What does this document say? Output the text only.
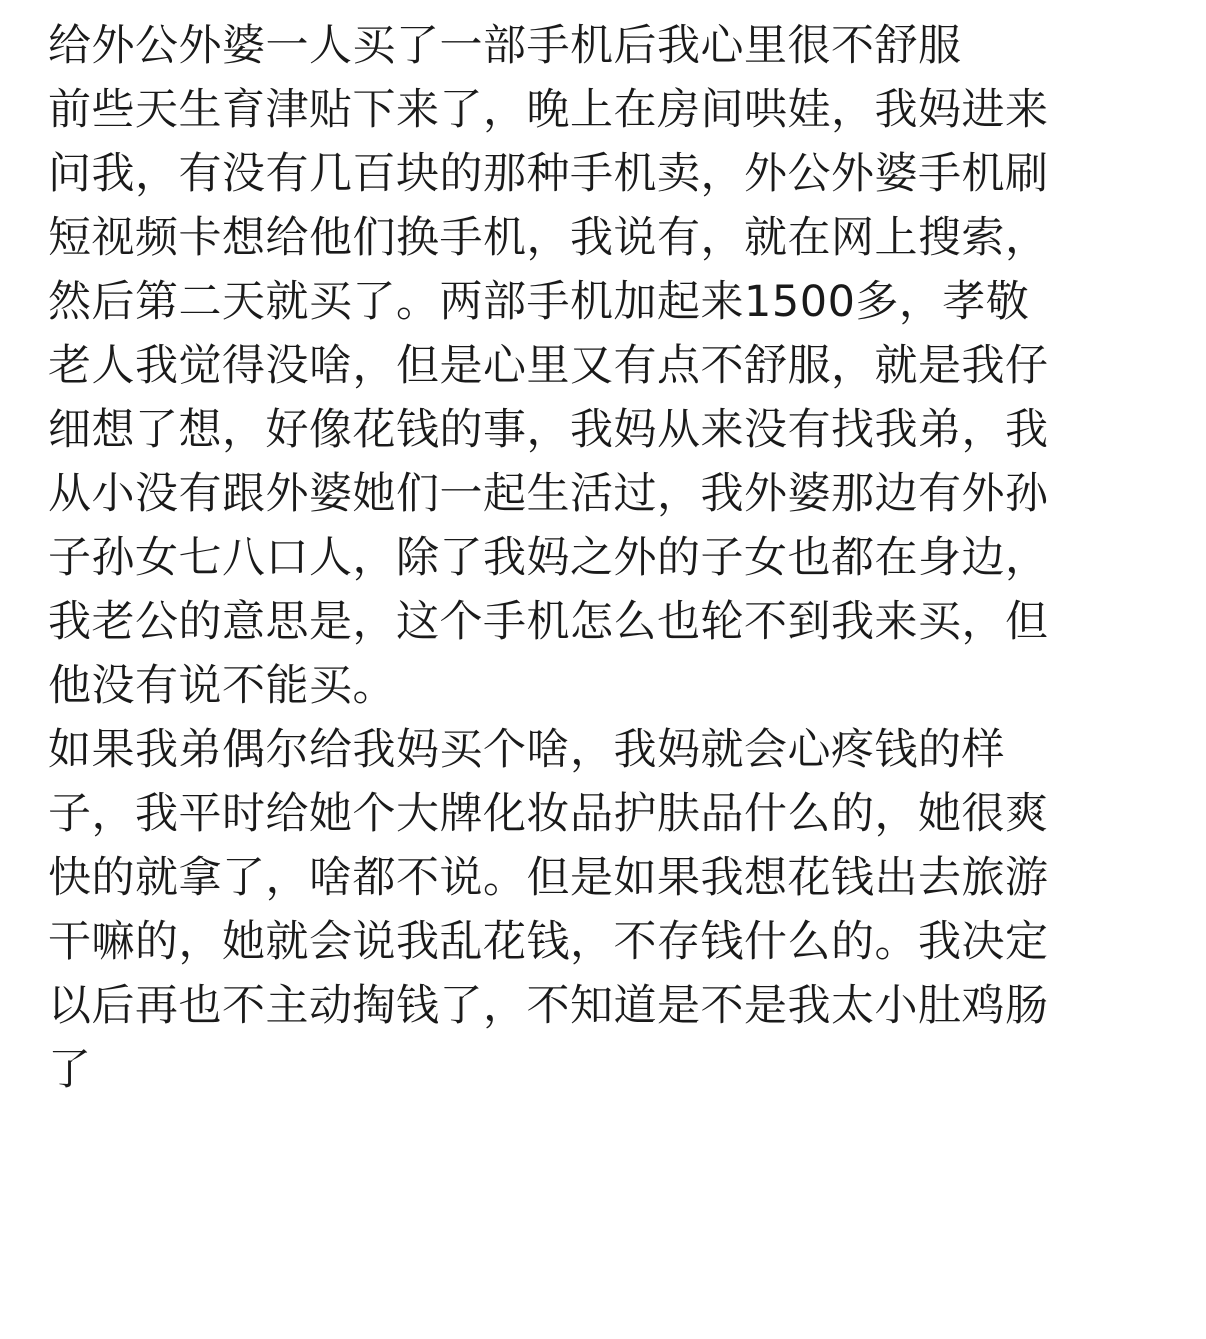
给外公外婆一人买了一部手机后我心里很不舒服
前些天生育津贴下来了，晚上在房间哄娃，我妈进来
问我，有没有几百块的那种手机卖，外公外婆手机刷
短视频卡想给他们换手机，我说有，就在网上搜索，
然后第二天就买了。两部手机加起来1500多，孝敬
老人我觉得没啥，但是心里又有点不舒服，就是我仔
细想了想，好像花钱的事，我妈从来没有找我弟，我
从小没有跟外婆她们一起生活过，我外婆那边有外孙
子孙女七八口人，除了我妈之外的子女也都在身边，
我老公的意思是，这个手机怎么也轮不到我来买，但
他没有说不能买。
如果我弟偶尔给我妈买个啥，我妈就会心疼钱的样
子，我平时给她个大牌化妆品护肤品什么的，她很爽
快的就拿了，啥都不说。但是如果我想花钱出去旅游
干嘛的，她就会说我乱花钱，不存钱什么的。我决定
以后再也不主动掏钱了，不知道是不是我太小肚鸡肠
了
